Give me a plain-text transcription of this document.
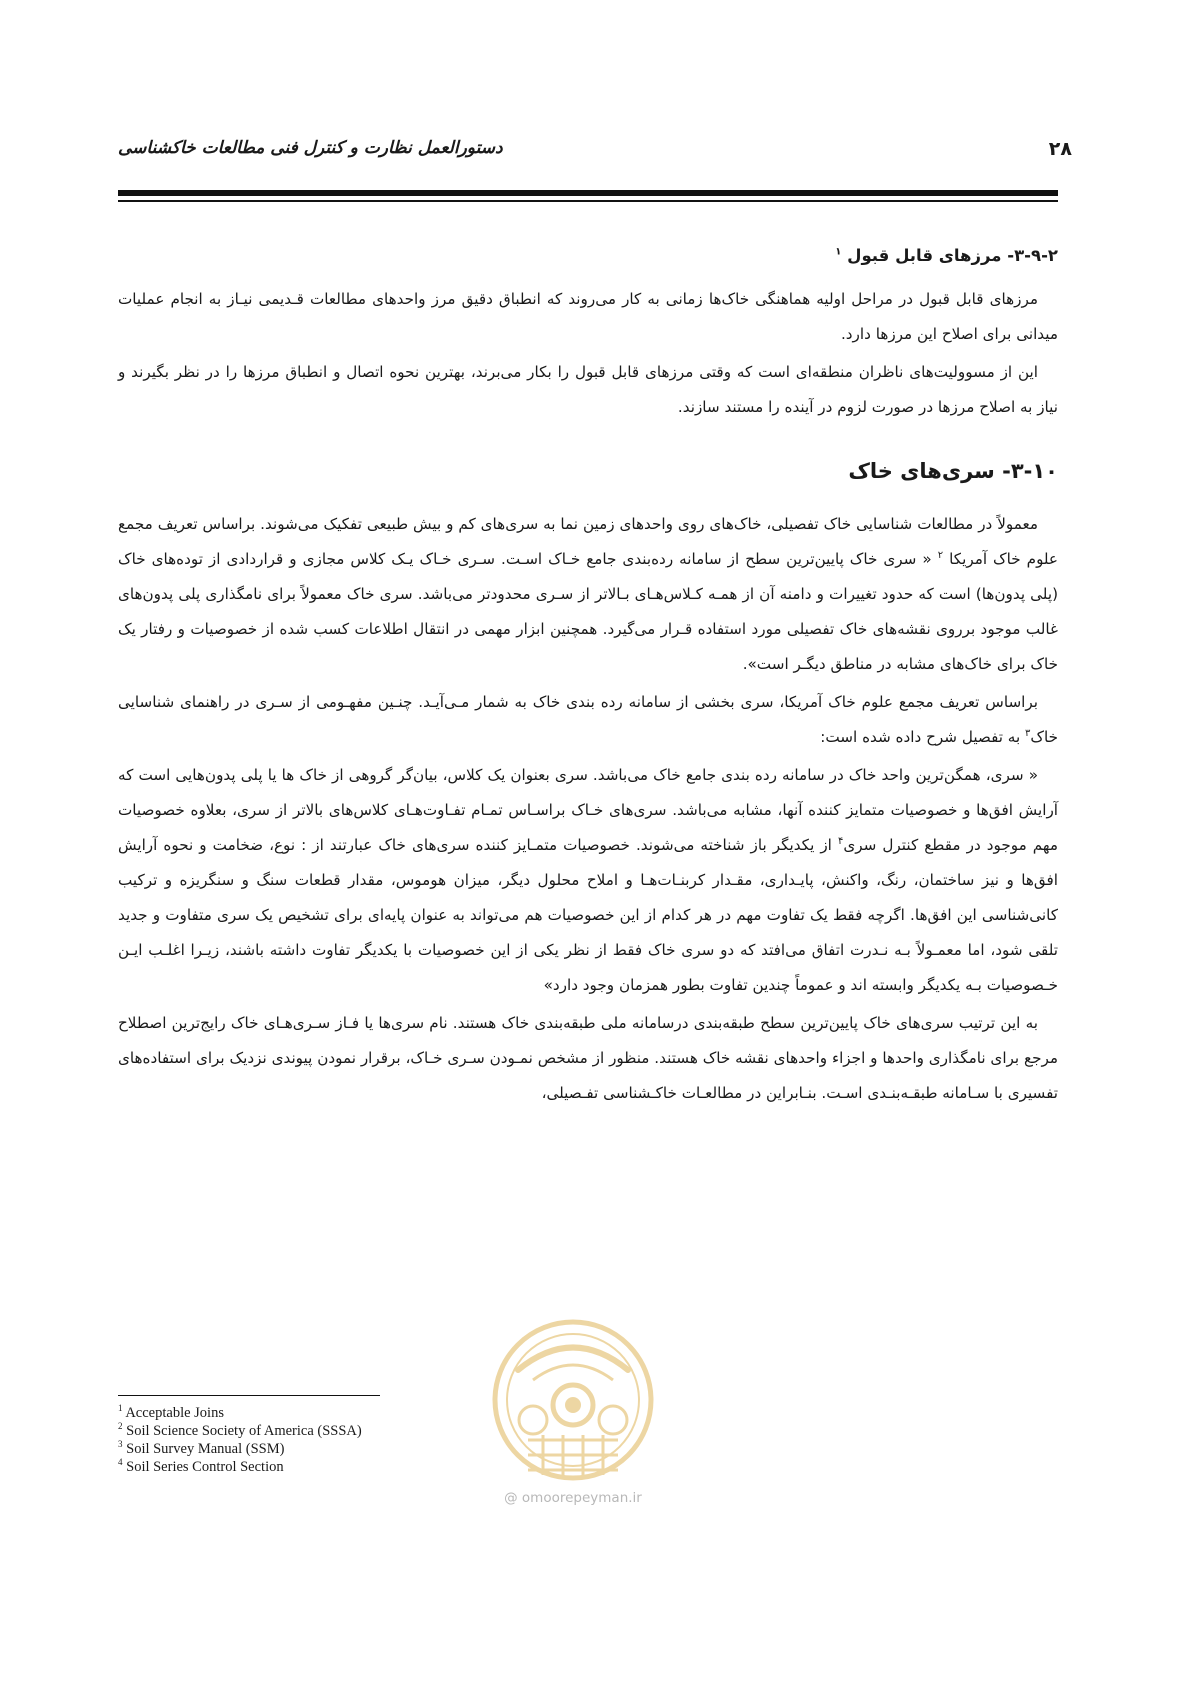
۲۸
دستورالعمل نظارت و کنترل فنی مطالعات خاکشناسی
۳-۹-۲- مرزهای قابل قبول $^۱$

مرزهای قابل قبول در مراحل اولیه هماهنگی خاک‌ها زمانی به کار می‌روند که انطباق دقیق مرز واحدهای مطالعات قـدیمی نیـاز به انجام عملیات میدانی برای اصلاح این مرزها دارد.

این از مسوولیت‌های ناظران منطقه‌ای است که وقتی مرزهای قابل قبول را بکار می‌برند، بهترین نحوه اتصال و انطباق مرزها را در نظر بگیرند و نیاز به اصلاح مرزها در صورت لزوم در آینده را مستند سازند.

۳-۱۰- سری‌های خاک

معمولاً در مطالعات شناسایی خاک تفصیلی، خاک‌های روی واحدهای زمین نما به سری‌های کم و بیش طبیعی تفکیک می‌شوند. براساس تعریف مجمع علوم خاک آمریکا $^۲$ « سری خاک پایین‌ترین سطح از سامانه رده‌بندی جامع خـاک اسـت. سـری خـاک یـک کلاس مجازی و قراردادی از توده‌های خاک (پلی پدون‌ها) است که حدود تغییرات و دامنه آن از همـه کـلاس‌هـای بـالاتر از سـری محدودتر می‌باشد. سری خاک معمولاً برای نامگذاری پلی پدون‌های غالب موجود برروی نقشه‌های خاک تفصیلی مورد استفاده قـرار می‌گیرد. همچنین ابزار مهمی در انتقال اطلاعات کسب شده از خصوصیات و رفتار یک خاک برای خاک‌های مشابه در مناطق دیگـر است».

براساس تعریف مجمع علوم خاک آمریکا، سری بخشی از سامانه رده بندی خاک به شمار مـی‌آیـد. چنـین مفهـومی از سـری در راهنمای شناسایی خاک$^۳$ به تفصیل شرح داده شده است:

« سری، همگن‌ترین واحد خاک در سامانه رده بندی جامع خاک می‌باشد. سری بعنوان یک کلاس، بیان‌گر گروهی از خاک ها یا پلی پدون‌هایی است که آرایش افق‌ها و خصوصیات متمایز کننده آنها، مشابه می‌باشد. سری‌های خـاک براسـاس تمـام تفـاوت‌هـای کلاس‌های بالاتر از سری، بعلاوه خصوصیات مهم موجود در مقطع کنترل سری$^۴$ از یکدیگر باز شناخته می‌شوند. خصوصیات متمـایز کننده سری‌های خاک عبارتند از : نوع، ضخامت و نحوه آرایش افق‌ها و نیز ساختمان، رنگ، واکنش، پایـداری، مقـدار کربنـات‌هـا و املاح محلول دیگر، میزان هوموس، مقدار قطعات سنگ و سنگریزه و ترکیب کانی‌شناسی این افق‌ها. اگرچه فقط یک تفاوت مهم در هر کدام از این خصوصیات هم می‌تواند به عنوان پایه‌ای برای تشخیص یک سری متفاوت و جدید تلقی شود، اما معمـولاً بـه نـدرت اتفاق می‌افتد که دو سری خاک فقط از نظر یکی از این خصوصیات با یکدیگر تفاوت داشته باشند، زیـرا اغلـب ایـن خـصوصیات بـه یکدیگر وابسته اند و عموماً چندین تفاوت بطور همزمان وجود دارد»

به این ترتیب سری‌های خاک پایین‌ترین سطح طبقه‌بندی درسامانه ملی طبقه‌بندی خاک هستند. نام سری‌ها یا فـاز سـری‌هـای خاک رایج‌ترین اصطلاح مرجع برای نامگذاری واحدها و اجزاء واحدهای نقشه خاک هستند. منظور از مشخص نمـودن سـری خـاک، برقرار نمودن پیوندی نزدیک برای استفاده‌های تفسیری با سـامانه طبقـه‌بنـدی اسـت. بنـابراین در مطالعـات خاکـشناسی تفـصیلی،

@ omoorepeyman.ir
$^1$ Acceptable Joins
$^2$ Soil Science Society of America (SSSA)
$^3$ Soil Survey Manual (SSM)
$^4$ Soil Series Control Section
